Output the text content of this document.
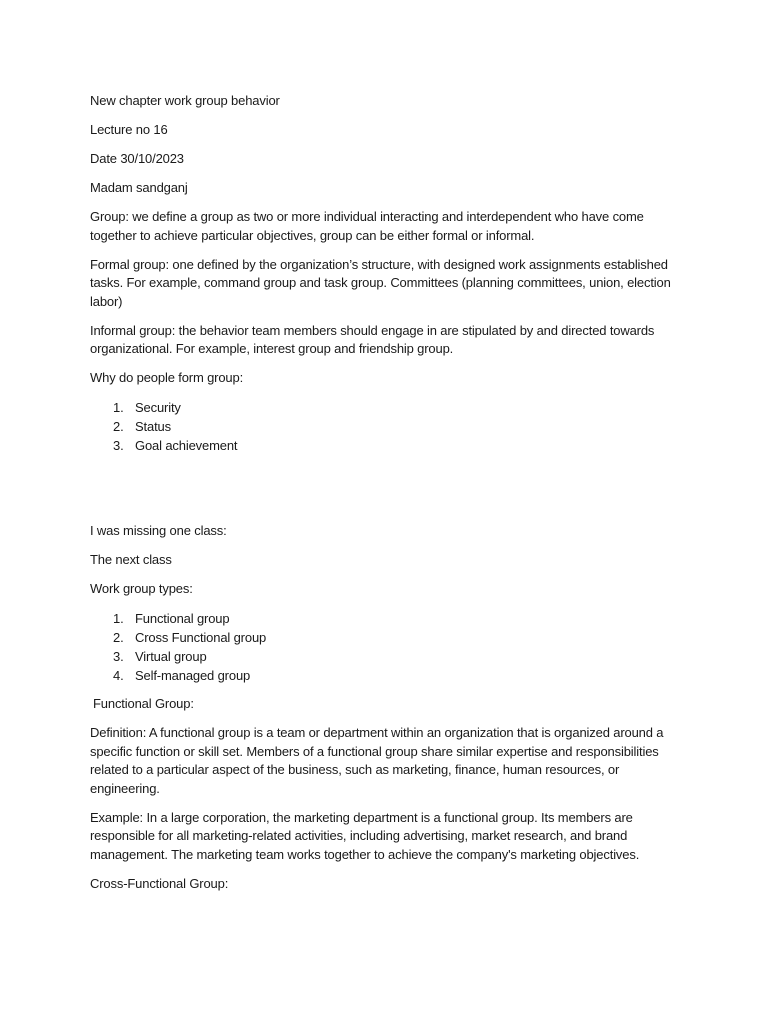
New chapter work group behavior

Lecture no 16

Date 30/10/2023

Madam sandganj

Group: we define a group as two or more individual interacting and interdependent who have come together to achieve particular objectives, group can be either formal or informal.

Formal group: one defined by the organization’s structure, with designed work assignments established tasks. For example, command group and task group. Committees (planning committees, union, election labor)

Informal group: the behavior team members should engage in are stipulated by and directed towards organizational. For example, interest group and friendship group.

Why do people form group:

1. Security
2. Status
3. Goal achievement

I was missing one class:

The next class

Work group types:

1. Functional group
2. Cross Functional group
3. Virtual group
4. Self-managed group

Functional Group:

Definition: A functional group is a team or department within an organization that is organized around a specific function or skill set. Members of a functional group share similar expertise and responsibilities related to a particular aspect of the business, such as marketing, finance, human resources, or engineering.

Example: In a large corporation, the marketing department is a functional group. Its members are responsible for all marketing-related activities, including advertising, market research, and brand management. The marketing team works together to achieve the company's marketing objectives.

Cross-Functional Group:
